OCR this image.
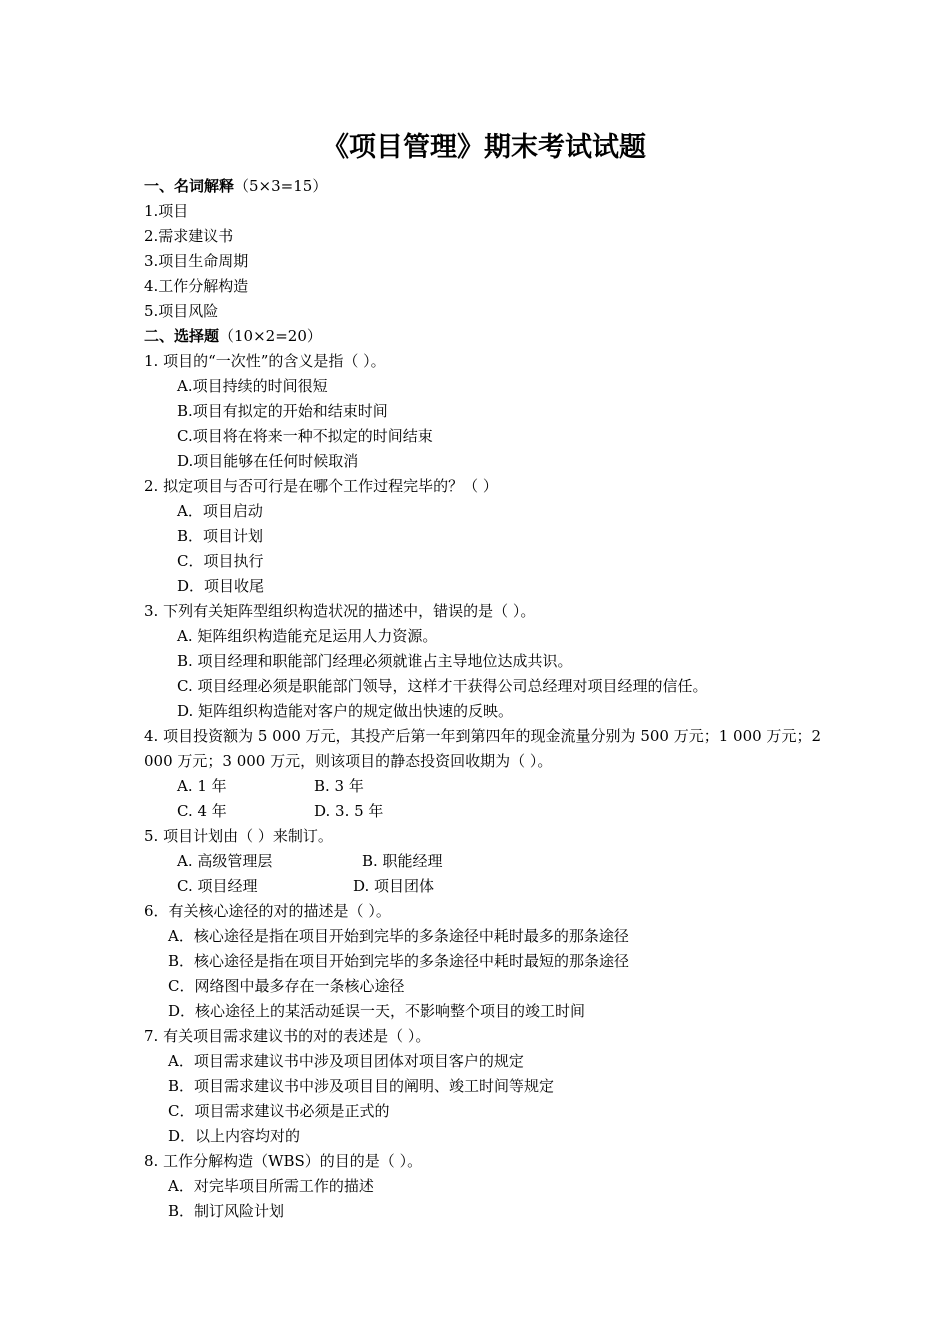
《项目管理》期末考试试题
一、名词解释（5×3=15）
1.项目
2.需求建议书
3.项目生命周期
4.工作分解构造
5.项目风险
二、选择题（10×2=20）
1. 项目的“一次性”的含义是指（ ）。
A.项目持续的时间很短
B.项目有拟定的开始和结束时间
C.项目将在将来一种不拟定的时间结束
D.项目能够在任何时候取消
2. 拟定项目与否可行是在哪个工作过程完毕的？（ ）
A．项目启动
B．项目计划
C．项目执行
D．项目收尾
3. 下列有关矩阵型组织构造状况的描述中，错误的是（ ）。
A. 矩阵组织构造能充足运用人力资源。
B. 项目经理和职能部门经理必须就谁占主导地位达成共识。
C. 项目经理必须是职能部门领导，这样才干获得公司总经理对项目经理的信任。
D. 矩阵组织构造能对客户的规定做出快速的反映。
4. 项目投资额为 5 000 万元，其投产后第一年到第四年的现金流量分别为 500 万元；1 000 万元；2 000 万元；3 000 万元，则该项目的静态投资回收期为（ ）。
A. 1 年	B. 3 年
C. 4 年	D. 3. 5 年
5. 项目计划由（ ）来制订。
A. 高级管理层	B. 职能经理
C. 项目经理	D. 项目团体
6．有关核心途径的对的描述是（ ）。
A．核心途径是指在项目开始到完毕的多条途径中耗时最多的那条途径
B．核心途径是指在项目开始到完毕的多条途径中耗时最短的那条途径
C．网络图中最多存在一条核心途径
D．核心途径上的某活动延误一天，不影响整个项目的竣工时间
7. 有关项目需求建议书的对的表述是（ ）。
A．项目需求建议书中涉及项目团体对项目客户的规定
B．项目需求建议书中涉及项目目的阐明、竣工时间等规定
C．项目需求建议书必须是正式的
D．以上内容均对的
8. 工作分解构造（WBS）的目的是（ ）。
A．对完毕项目所需工作的描述
B．制订风险计划
